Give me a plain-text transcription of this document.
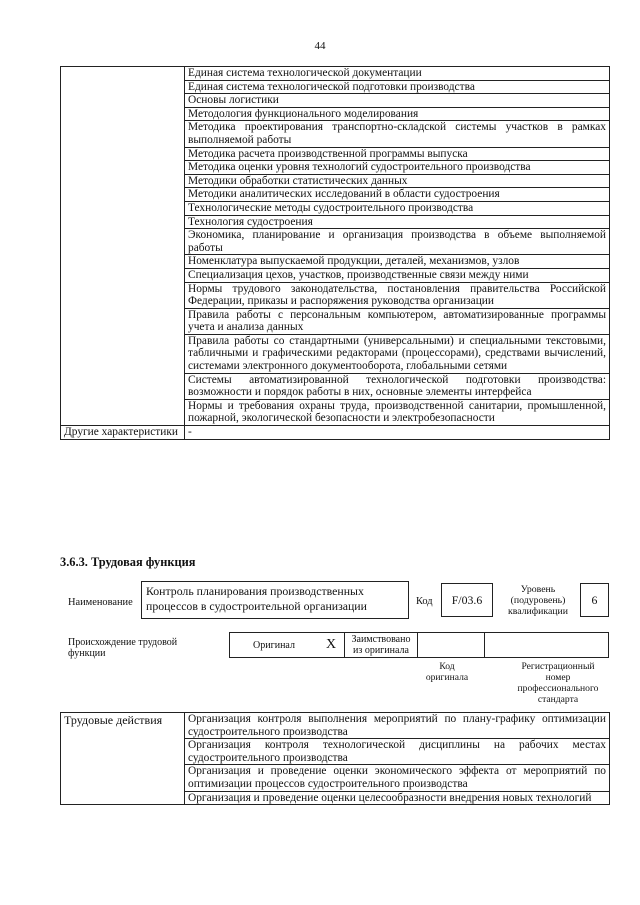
44
	Единая система технологической документации
	Единая система технологической подготовки производства
	Основы логистики
	Методология функционального моделирования
	Методика проектирования транспортно-складской системы участков в рамках выполняемой работы
	Методика расчета производственной программы выпуска
	Методика оценки уровня технологий судостроительного производства
	Методики обработки статистических данных
	Методики аналитических исследований в области судостроения
	Технологические методы судостроительного производства
	Технология судостроения
	Экономика, планирование и организация производства в объеме выполняемой работы
	Номенклатура выпускаемой продукции, деталей, механизмов, узлов
	Специализация цехов, участков, производственные связи между ними
	Нормы трудового законодательства, постановления правительства Российской Федерации, приказы и распоряжения руководства организации
	Правила работы с персональным компьютером, автоматизированные программы учета и анализа данных
	Правила работы со стандартными (универсальными) и специальными текстовыми, табличными и графическими редакторами (процессорами), средствами вычислений, системами электронного документооборота, глобальными сетями
	Системы автоматизированной технологической подготовки производства: возможности и порядок работы в них, основные элементы интерфейса
	Нормы и требования охраны труда, производственной санитарии, промышленной, пожарной, экологической безопасности и электробезопасности
Другие характеристики	-
3.6.3. Трудовая функция
Наименование
Контроль планирования производственных процессов в судостроительной организации	Код	F/03.6
Уровень (подуровень) квалификации
6
Происхождение трудовой функции
Оригинал	X	Заимствовано из оригинала		
Код оригинала
Регистрационный номер профессионального стандарта
Трудовые действия	Организация контроля выполнения мероприятий по плану-графику оптимизации судостроительного производства
Организация контроля технологической дисциплины на рабочих местах судостроительного производства
Организация и проведение оценки экономического эффекта от мероприятий по оптимизации процессов судостроительного производства
Организация и проведение оценки целесообразности внедрения новых технологий
